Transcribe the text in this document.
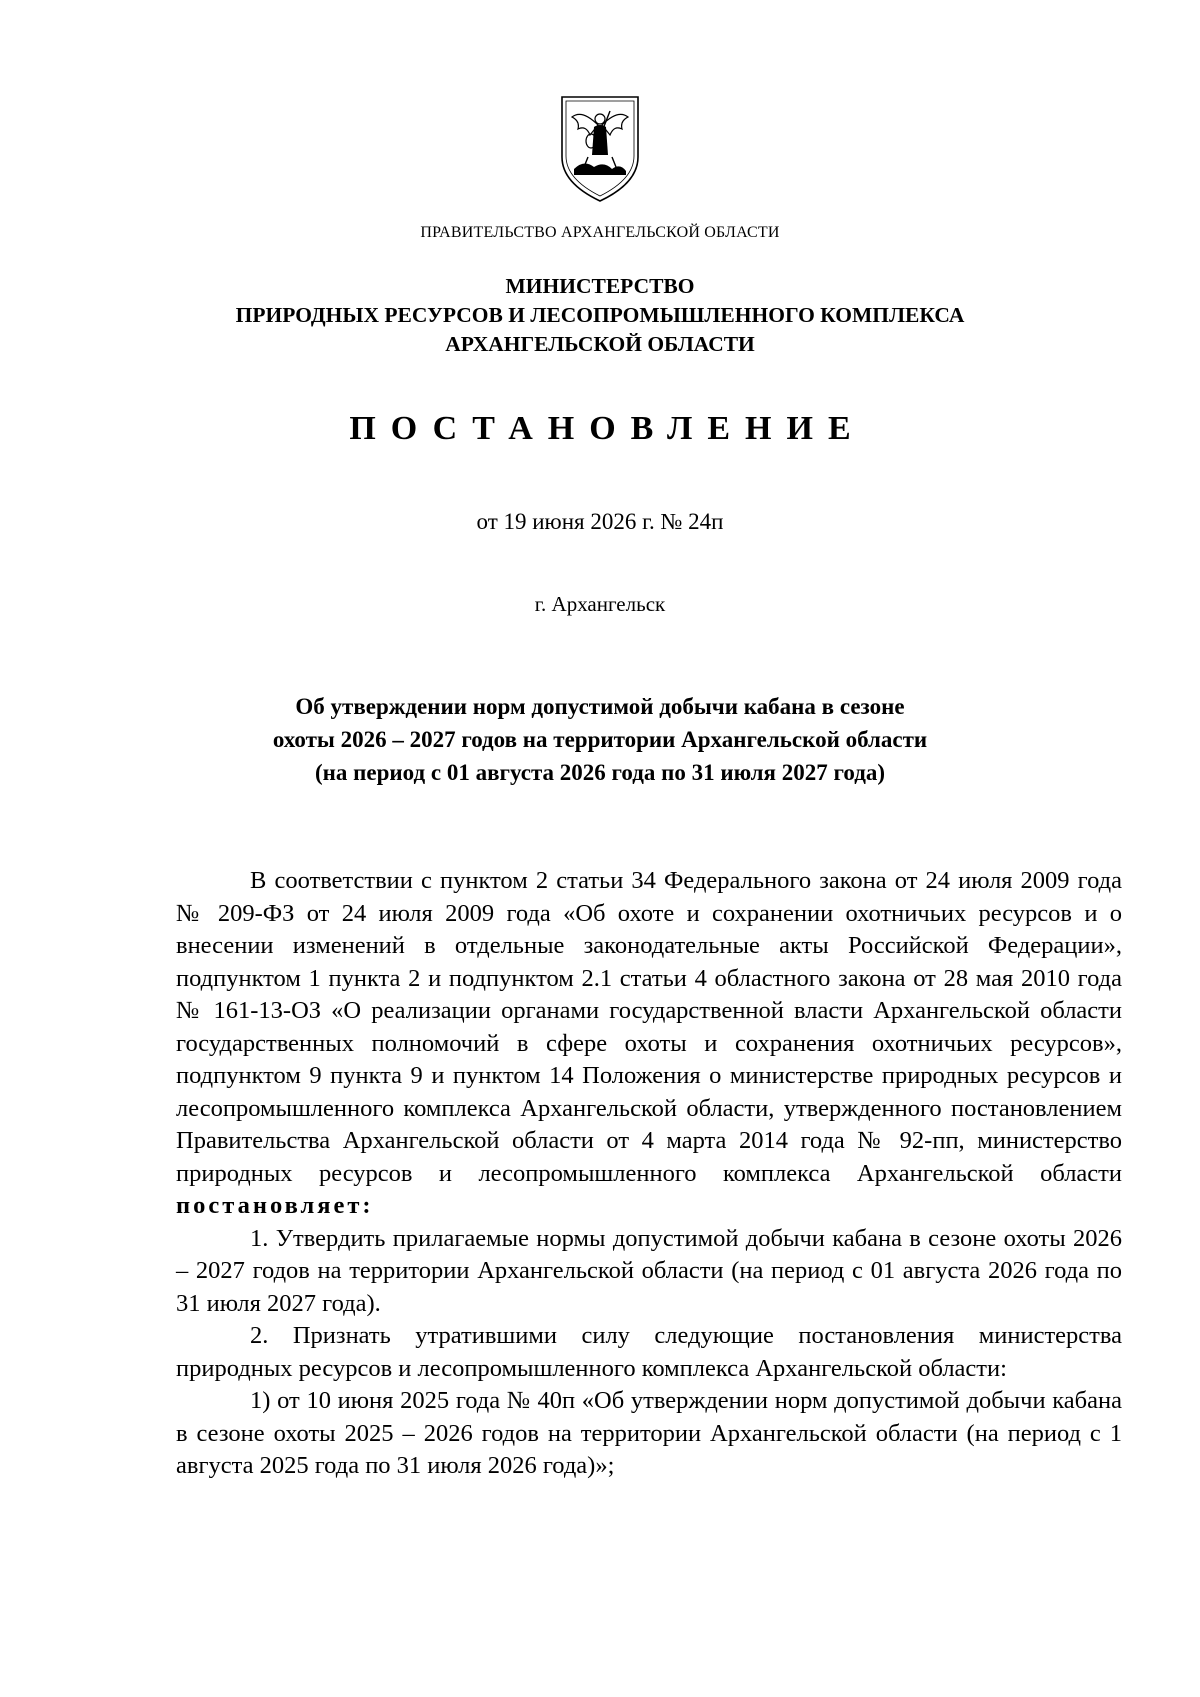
ПРАВИТЕЛЬСТВО АРХАНГЕЛЬСКОЙ ОБЛАСТИ
МИНИСТЕРСТВО
ПРИРОДНЫХ РЕСУРСОВ И ЛЕСОПРОМЫШЛЕННОГО КОМПЛЕКСА
АРХАНГЕЛЬСКОЙ ОБЛАСТИ
ПОСТАНОВЛЕНИЕ
от 19 июня 2026 г. № 24п
г. Архангельск
Об утверждении норм допустимой добычи кабана в сезоне
охоты 2026 – 2027 годов на территории Архангельской области
(на период с 01 августа 2026 года по 31 июля 2027 года)

В соответствии с пунктом 2 статьи 34 Федерального закона от 24 июля 2009 года № 209-ФЗ от 24 июля 2009 года «Об охоте и сохранении охотничьих ресурсов и о внесении изменений в отдельные законодательные акты Российской Федерации», подпунктом 1 пункта 2 и подпунктом 2.1 статьи 4 областного закона от 28 мая 2010 года № 161-13-ОЗ «О реализации органами государственной власти Архангельской области государственных полномочий в сфере охоты и сохранения охотничьих ресурсов», подпунктом 9 пункта 9 и пунктом 14 Положения о министерстве природных ресурсов и лесопромышленного комплекса Архангельской области, утвержденного постановлением Правительства Архангельской области от 4 марта 2014 года № 92-пп, министерство природных ресурсов и лесопромышленного комплекса Архангельской области постановляет:

1. Утвердить прилагаемые нормы допустимой добычи кабана в сезоне охоты 2026 – 2027 годов на территории Архангельской области (на период с 01 августа 2026 года по 31 июля 2027 года).

2. Признать утратившими силу следующие постановления министерства природных ресурсов и лесопромышленного комплекса Архангельской области:

1) от 10 июня 2025 года № 40п «Об утверждении норм допустимой добычи кабана в сезоне охоты 2025 – 2026 годов на территории Архангельской области (на период с 1 августа 2025 года по 31 июля 2026 года)»;
